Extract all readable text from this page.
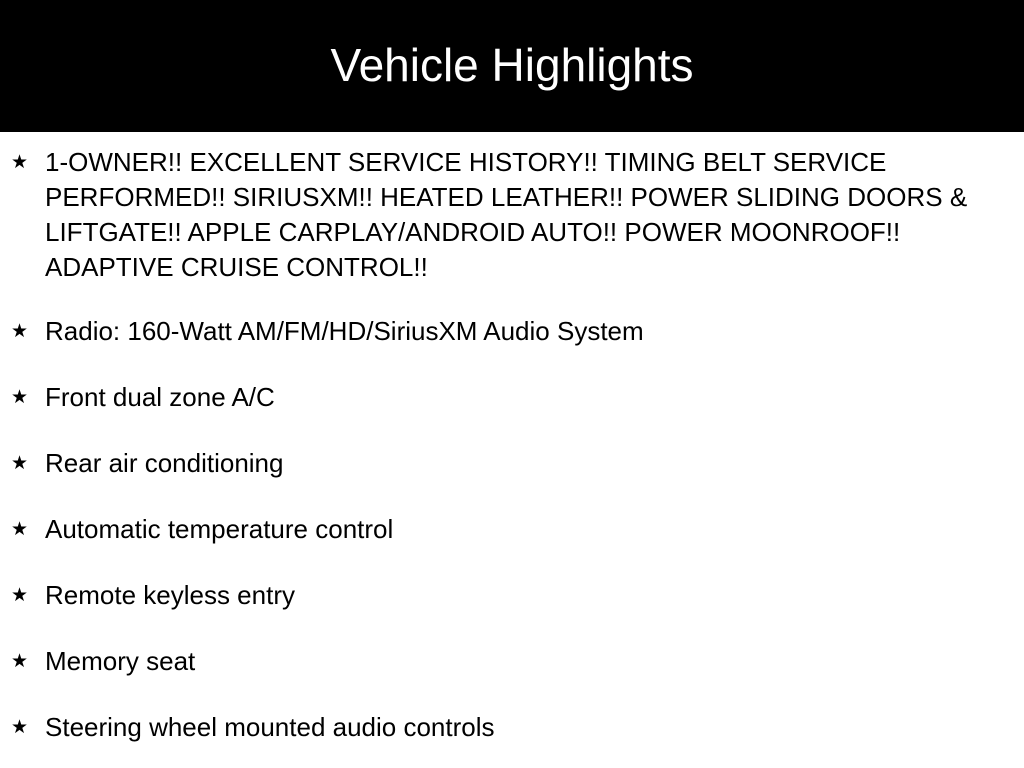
Vehicle Highlights
★ 1-OWNER!! EXCELLENT SERVICE HISTORY!! TIMING BELT SERVICE PERFORMED!! SIRIUSXM!! HEATED LEATHER!! POWER SLIDING DOORS & LIFTGATE!! APPLE CARPLAY/ANDROID AUTO!! POWER MOONROOF!! ADAPTIVE CRUISE CONTROL!!
★ Radio: 160-Watt AM/FM/HD/SiriusXM Audio System
★ Front dual zone A/C
★ Rear air conditioning
★ Automatic temperature control
★ Remote keyless entry
★ Memory seat
★ Steering wheel mounted audio controls
